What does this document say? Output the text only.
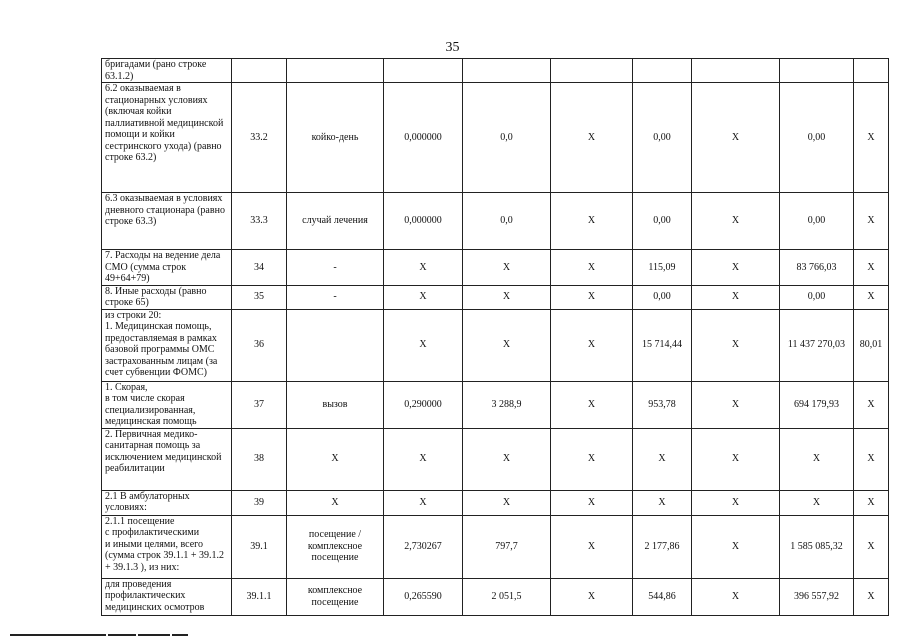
35
бригадами (рано строке 63.1.2)									
6.2 оказываемая в стационарных условиях (включая койки паллиативной медицинской помощи и койки сестринского ухода) (равно строке 63.2)	33.2	койко-день	0,000000	0,0	X	0,00	X	0,00	X
6.3 оказываемая в условиях дневного стационара (равно строке 63.3)	33.3	случай лечения	0,000000	0,0	X	0,00	X	0,00	X
7. Расходы на ведение дела СМО (сумма строк 49+64+79)	34	-	X	X	X	115,09	X	83 766,03	X
8. Иные расходы (равно строке 65)	35	-	X	X	X	0,00	X	0,00	X
из строки 20:
1. Медицинская помощь, предоставляемая в рамках базовой программы ОМС застрахованным лицам (за счет субвенции ФОМС)	36		X	X	X	15 714,44	X	11 437 270,03	80,01
1. Скорая,
в том числе скорая специализированная, медицинская помощь	37	вызов	0,290000	3 288,9	X	953,78	X	694 179,93	X
2. Первичная медико-санитарная помощь за исключением медицинской реабилитации	38	X	X	X	X	X	X	X	X
2.1 В амбулаторных условиях:	39	X	X	X	X	X	X	X	X
2.1.1 посещение
с профилактическими
и иными целями, всего (сумма строк 39.1.1 + 39.1.2 + 39.1.3 ), из них:	39.1	посещение / комплексное посещение	2,730267	797,7	X	2 177,86	X	1 585 085,32	X
для проведения профилактических медицинских осмотров	39.1.1	комплексное посещение	0,265590	2 051,5	X	544,86	X	396 557,92	X
